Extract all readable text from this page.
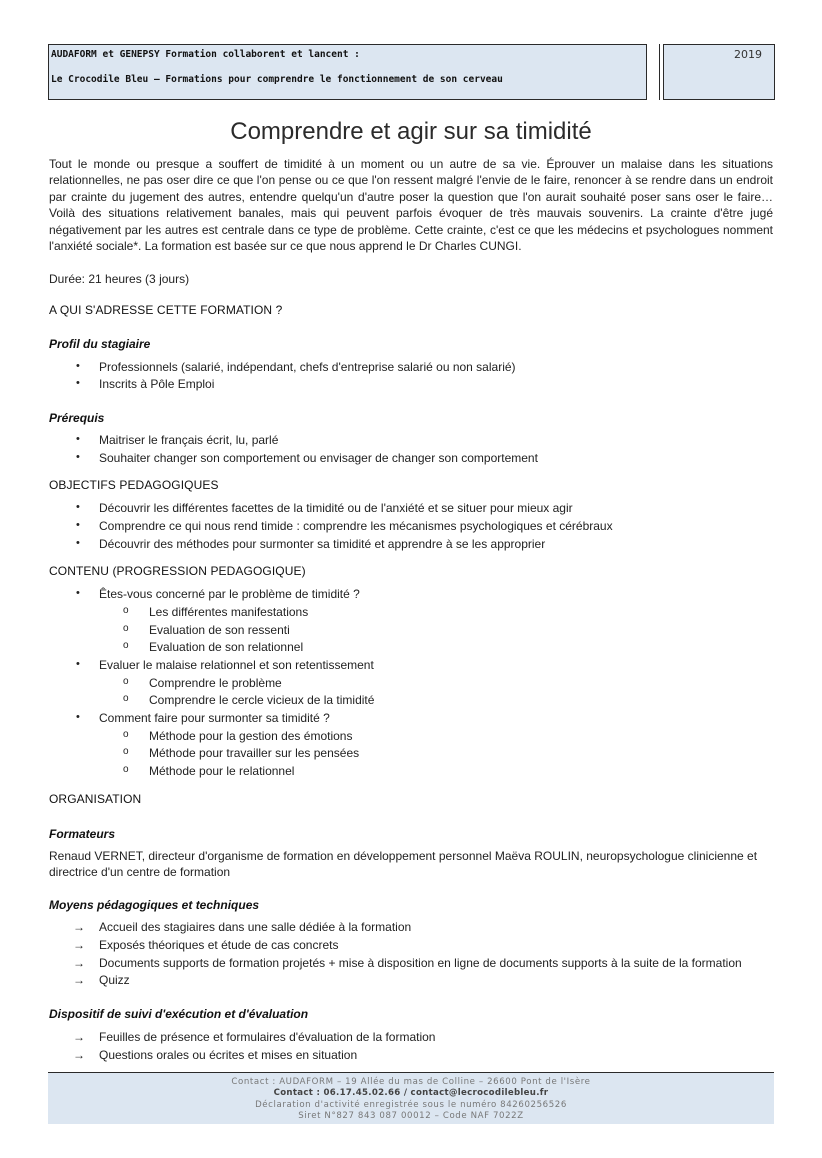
AUDAFORM et GENEPSY Formation collaborent et lancent :
Le Crocodile Bleu – Formations pour comprendre le fonctionnement de son cerveau
2019
Comprendre et agir sur sa timidité
Tout le monde ou presque a souffert de timidité à un moment ou un autre de sa vie. Éprouver un malaise dans les situations relationnelles, ne pas oser dire ce que l'on pense ou ce que l'on ressent malgré l'envie de le faire, renoncer à se rendre dans un endroit par crainte du jugement des autres, entendre quelqu'un d'autre poser la question que l'on aurait souhaité poser sans oser le faire… Voilà des situations relativement banales, mais qui peuvent parfois évoquer de très mauvais souvenirs. La crainte d'être jugé négativement par les autres est centrale dans ce type de problème. Cette crainte, c'est ce que les médecins et psychologues nomment l'anxiété sociale*. La formation est basée sur ce que nous apprend le Dr Charles CUNGI.
Durée: 21 heures (3 jours)
A QUI S'ADRESSE CETTE FORMATION ?
Profil du stagiaire
• Professionnels (salarié, indépendant, chefs d'entreprise salarié ou non salarié)
• Inscrits à Pôle Emploi
Prérequis
• Maitriser le français écrit, lu, parlé
• Souhaiter changer son comportement ou envisager de changer son comportement
OBJECTIFS PEDAGOGIQUES
• Découvrir les différentes facettes de la timidité ou de l'anxiété et se situer pour mieux agir
• Comprendre ce qui nous rend timide : comprendre les mécanismes psychologiques et cérébraux
• Découvrir des méthodes pour surmonter sa timidité et apprendre à se les approprier
CONTENU (PROGRESSION PEDAGOGIQUE)
• Êtes-vous concerné par le problème de timidité ?
o Les différentes manifestations
o Evaluation de son ressenti
o Evaluation de son relationnel
• Evaluer le malaise relationnel et son retentissement
o Comprendre le problème
o Comprendre le cercle vicieux de la timidité
• Comment faire pour surmonter sa timidité ?
o Méthode pour la gestion des émotions
o Méthode pour travailler sur les pensées
o Méthode pour le relationnel
ORGANISATION
Formateurs
Renaud VERNET, directeur d'organisme de formation en développement personnel Maëva ROULIN, neuropsychologue clinicienne et
directrice d'un centre de formation
Moyens pédagogiques et techniques
→ Accueil des stagiaires dans une salle dédiée à la formation
→ Exposés théoriques et étude de cas concrets
→ Documents supports de formation projetés + mise à disposition en ligne de documents supports à la suite de la formation
→ Quizz
Dispositif de suivi d'exécution et d'évaluation
→ Feuilles de présence et formulaires d'évaluation de la formation
→ Questions orales ou écrites et mises en situation
Contact : AUDAFORM – 19 Allée du mas de Colline – 26600 Pont de l'Isère
Contact : 06.17.45.02.66 / contact@lecrocodilebleu.fr
Déclaration d'activité enregistrée sous le numéro 84260256526
Siret N°827 843 087 00012 – Code NAF 7022Z
